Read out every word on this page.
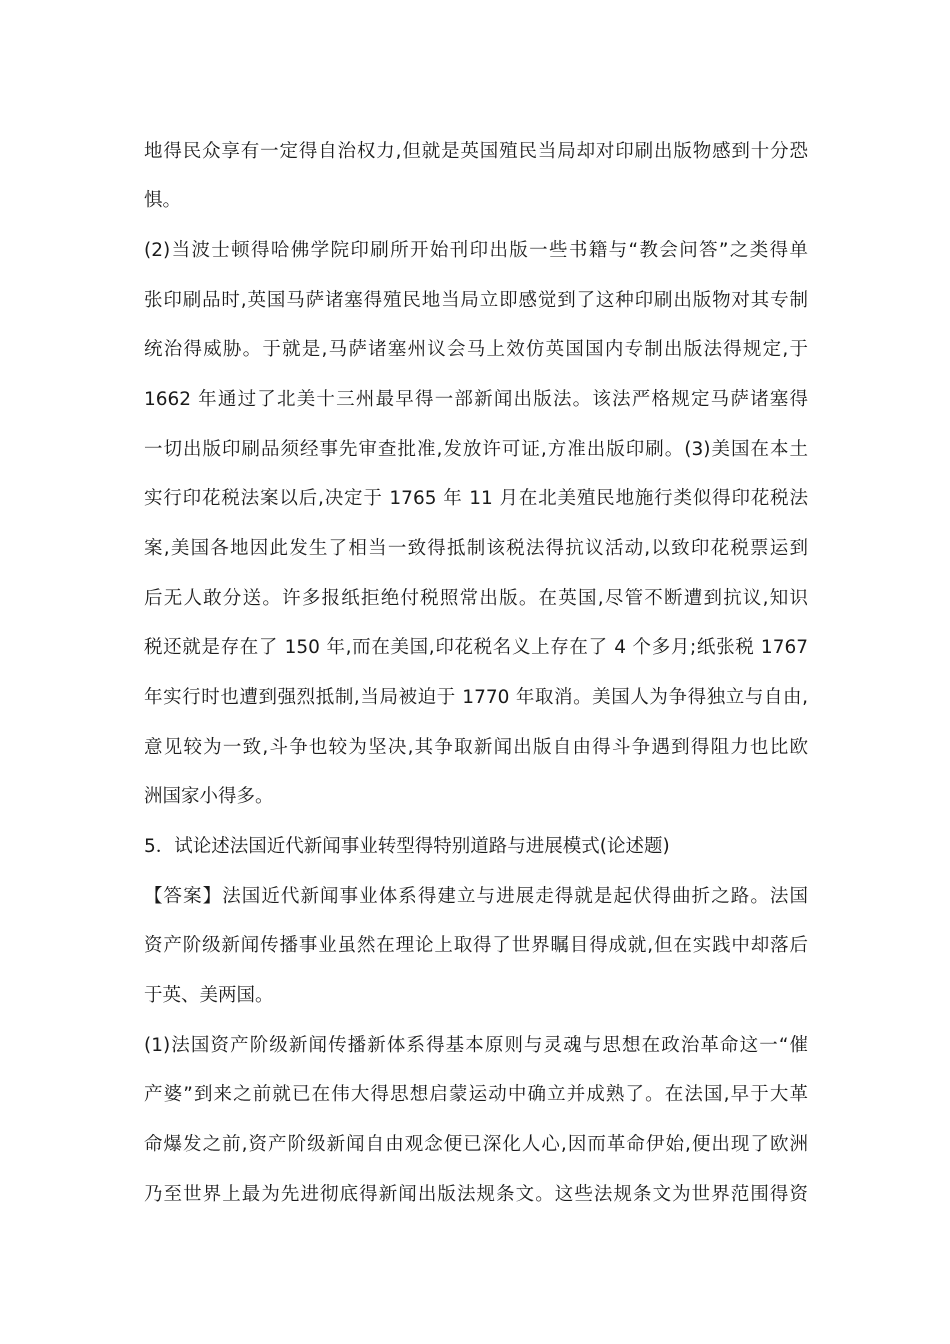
地得民众享有一定得自治权力,但就是英国殖民当局却对印刷出版物感到十分恐
惧。
(2)当波士顿得哈佛学院印刷所开始刊印出版一些书籍与“教会问答”之类得单
张印刷品时,英国马萨诸塞得殖民地当局立即感觉到了这种印刷出版物对其专制
统治得威胁。于就是,马萨诸塞州议会马上效仿英国国内专制出版法得规定,于
1662 年通过了北美十三州最早得一部新闻出版法。该法严格规定马萨诸塞得
一切出版印刷品须经事先审查批准,发放许可证,方准出版印刷。(3)美国在本土
实行印花税法案以后,决定于 1765 年 11 月在北美殖民地施行类似得印花税法
案,美国各地因此发生了相当一致得抵制该税法得抗议活动,以致印花税票运到
后无人敢分送。许多报纸拒绝付税照常出版。在英国,尽管不断遭到抗议,知识
税还就是存在了 150 年,而在美国,印花税名义上存在了 4 个多月;纸张税 1767
年实行时也遭到强烈抵制,当局被迫于 1770 年取消。美国人为争得独立与自由,
意见较为一致,斗争也较为坚决,其争取新闻出版自由得斗争遇到得阻力也比欧
洲国家小得多。
5．试论述法国近代新闻事业转型得特别道路与进展模式(论述题)
【答案】法国近代新闻事业体系得建立与进展走得就是起伏得曲折之路。法国
资产阶级新闻传播事业虽然在理论上取得了世界瞩目得成就,但在实践中却落后
于英、美两国。
(1)法国资产阶级新闻传播新体系得基本原则与灵魂与思想在政治革命这一“催
产婆”到来之前就已在伟大得思想启蒙运动中确立并成熟了。在法国,早于大革
命爆发之前,资产阶级新闻自由观念便已深化人心,因而革命伊始,便出现了欧洲
乃至世界上最为先进彻底得新闻出版法规条文。这些法规条文为世界范围得资
